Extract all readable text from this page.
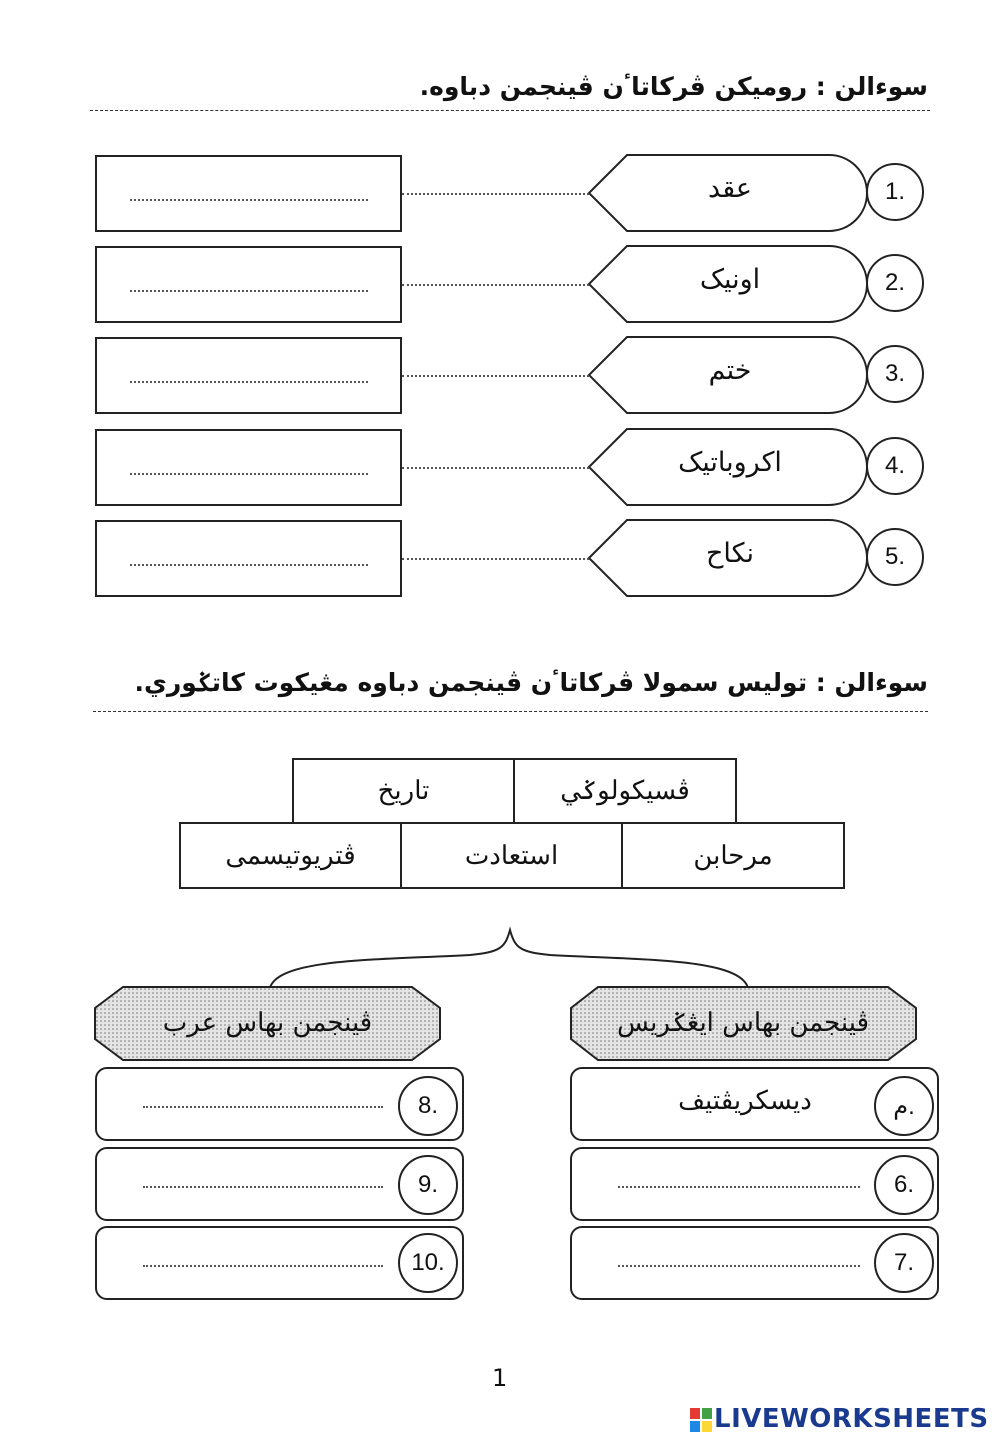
سوءالن : روميکن ڤرکاتاٴن ڤينجمن دباوه.
عقد	1.
اونيک	2.
ختم	3.
اکروباتيک	4.
نکاح	5.
سوءالن : توليس سمولا ڤرکاتاٴن ڤينجمن دباوه مڠيکوت کاتݢوري.
تاريخ	ڤسيکولوݢي
ڤتريوتيسمى	استعادت	مرحابن
ڤينجمن بهاس عرب	ڤينجمن بهاس ايڠݢريس
8.
9.
10.
ديسکريڤتيف	م.
6.
7.
1
LIVEWORKSHEETS
